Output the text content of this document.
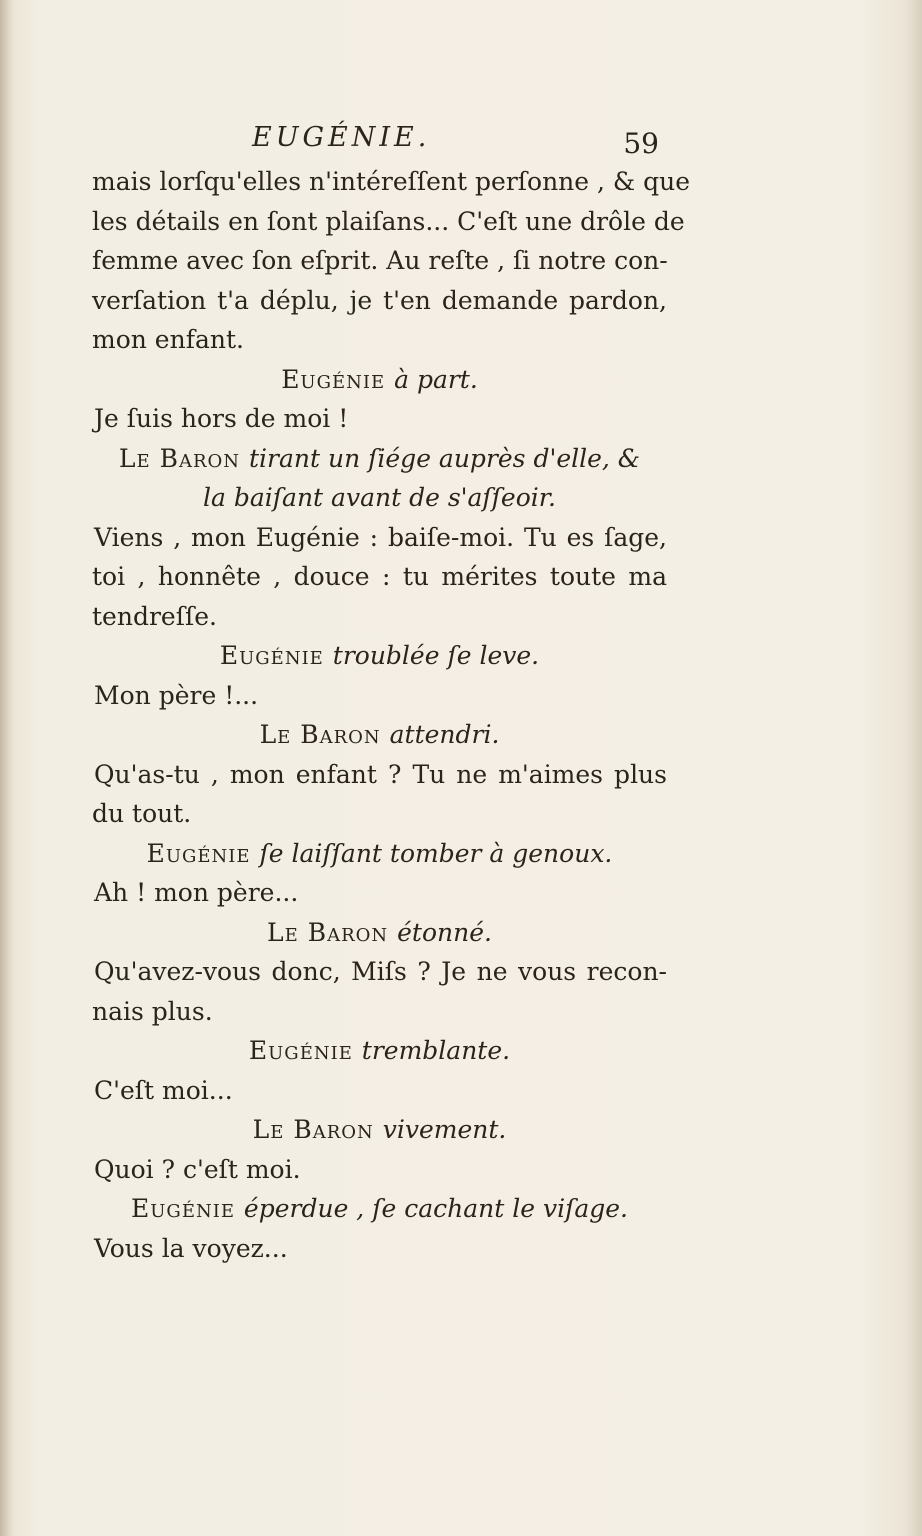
EUGÉNIE.	59
mais lorſqu'elles n'intéreſſent perſonne , & que
les détails en ſont plaiſans... C'eſt une drôle de
femme avec ſon eſprit. Au reſte , ſi notre con-
verſation t'a déplu, je t'en demande pardon,
mon enfant.
Eugénie à part.
Je ſuis hors de moi !
Le Baron tirant un ſiége auprès d'elle, &
la baiſant avant de s'aſſeoir.
Viens , mon Eugénie : baiſe-moi. Tu es ſage,
toi , honnête , douce : tu mérites toute ma
tendreſſe.
Eugénie troublée ſe leve.
Mon père !...
Le Baron attendri.
Qu'as-tu , mon enfant ? Tu ne m'aimes plus
du tout.
Eugénie ſe laiſſant tomber à genoux.
Ah ! mon père...
Le Baron étonné.
Qu'avez-vous donc, Miſs ? Je ne vous recon-
nais plus.
Eugénie tremblante.
C'eſt moi...
Le Baron vivement.
Quoi ? c'eſt moi.
Eugénie éperdue , ſe cachant le viſage.
Vous la voyez...
